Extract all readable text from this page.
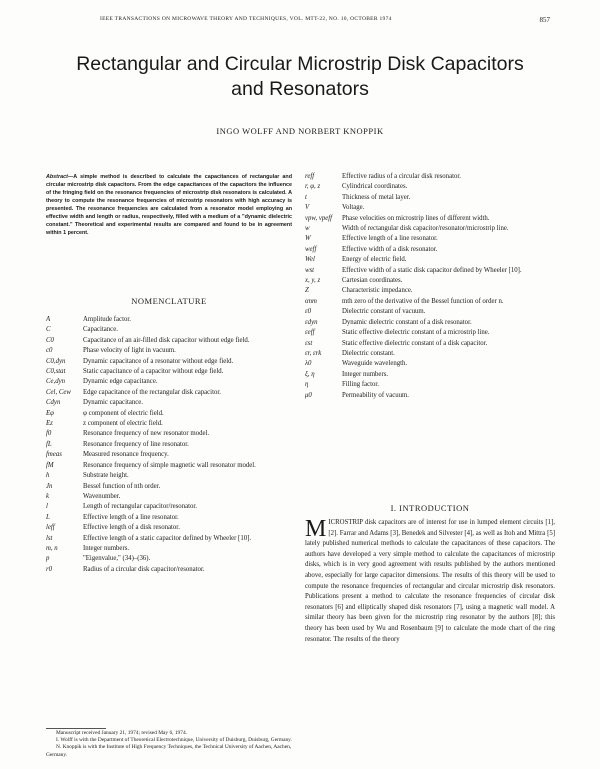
IEEE TRANSACTIONS ON MICROWAVE THEORY AND TECHNIQUES, VOL. MTT-22, NO. 10, OCTOBER 1974	857
Rectangular and Circular Microstrip Disk Capacitors
and Resonators
INGO WOLFF AND NORBERT KNOPPIK
Abstract—A simple method is described to calculate the capacitances of rectangular and circular microstrip disk capacitors. From the edge capacitances of the capacitors the influence of the fringing field on the resonance frequencies of microstrip disk resonators is calculated. A theory to compute the resonance frequencies of microstrip resonators with high accuracy is presented. The resonance frequencies are calculated from a resonator model employing an effective width and length or radius, respectively, filled with a medium of a "dynamic dielectric constant." Theoretical and experimental results are compared and found to be in agreement within 1 percent.
NOMENCLATURE
A	Amplitude factor.
C	Capacitance.
C0	Capacitance of an air-filled disk capacitor without edge field.
c0	Phase velocity of light in vacuum.
C0,dyn	Dynamic capacitance of a resonator without edge field.
C0,stat	Static capacitance of a capacitor without edge field.
Ce,dyn	Dynamic edge capacitance.
Cel, Cew	Edge capacitance of the rectangular disk capacitor.
Cdyn	Dynamic capacitance.
Eφ	φ component of electric field.
Ez	z component of electric field.
f0	Resonance frequency of new resonator model.
fL	Resonance frequency of line resonator.
fmeas	Measured resonance frequency.
fM	Resonance frequency of simple magnetic wall resonator model.
h	Substrate height.
Jn	Bessel function of nth order.
k	Wavenumber.
l	Length of rectangular capacitor/resonator.
L	Effective length of a line resonator.
leff	Effective length of a disk resonator.
lst	Effective length of a static capacitor defined by Wheeler [10].
m, n	Integer numbers.
p	"Eigenvalue," (34)–(36).
r0	Radius of a circular disk capacitor/resonator.
reff	Effective radius of a circular disk resonator.
r, φ, z	Cylindrical coordinates.
t	Thickness of metal layer.
V	Voltage.
vpw, vpeff	Phase velocities on microstrip lines of different width.
w	Width of rectangular disk capacitor/resonator/microstrip line.
W	Effective length of a line resonator.
weff	Effective width of a disk resonator.
Wel	Energy of electric field.
wst	Effective width of a static disk capacitor defined by Wheeler [10].
x, y, z	Cartesian coordinates.
Z	Characteristic impedance.
αnm	mth zero of the derivative of the Bessel function of order n.
ε0	Dielectric constant of vacuum.
εdyn	Dynamic dielectric constant of a disk resonator.
εeff	Static effective dielectric constant of a microstrip line.
εst	Static effective dielectric constant of a disk capacitor.
εr, εrk	Dielectric constant.
λ0	Waveguide wavelength.
ξ, η	Integer numbers.
η	Filling factor.
μ0	Permeability of vacuum.
I. INTRODUCTION
MICROSTRIP disk capacitors are of interest for use in lumped element circuits [1], [2]. Farrar and Adams [3], Benedek and Silvester [4], as well as Itoh and Mittra [5] lately published numerical methods to calculate the capacitances of these capacitors. The authors have developed a very simple method to calculate the capacitances of microstrip disks, which is in very good agreement with results published by the authors mentioned above, especially for large capacitor dimensions. The results of this theory will be used to compute the resonance frequencies of rectangular and circular microstrip disk resonators. Publications present a method to calculate the resonance frequencies of circular disk resonators [6] and elliptically shaped disk resonators [7], using a magnetic wall model. A similar theory has been given for the microstrip ring resonator by the authors [8]; this theory has been used by Wu and Rosenbaum [9] to calculate the mode chart of the ring resonator. The results of the theory

Manuscript received January 21, 1974; revised May 6, 1974.

I. Wolff is with the Department of Theoretical Electrotechnique, University of Duisburg, Duisburg, Germany.

N. Knoppik is with the Institute of High Frequency Techniques, the Technical University of Aachen, Aachen, Germany.
